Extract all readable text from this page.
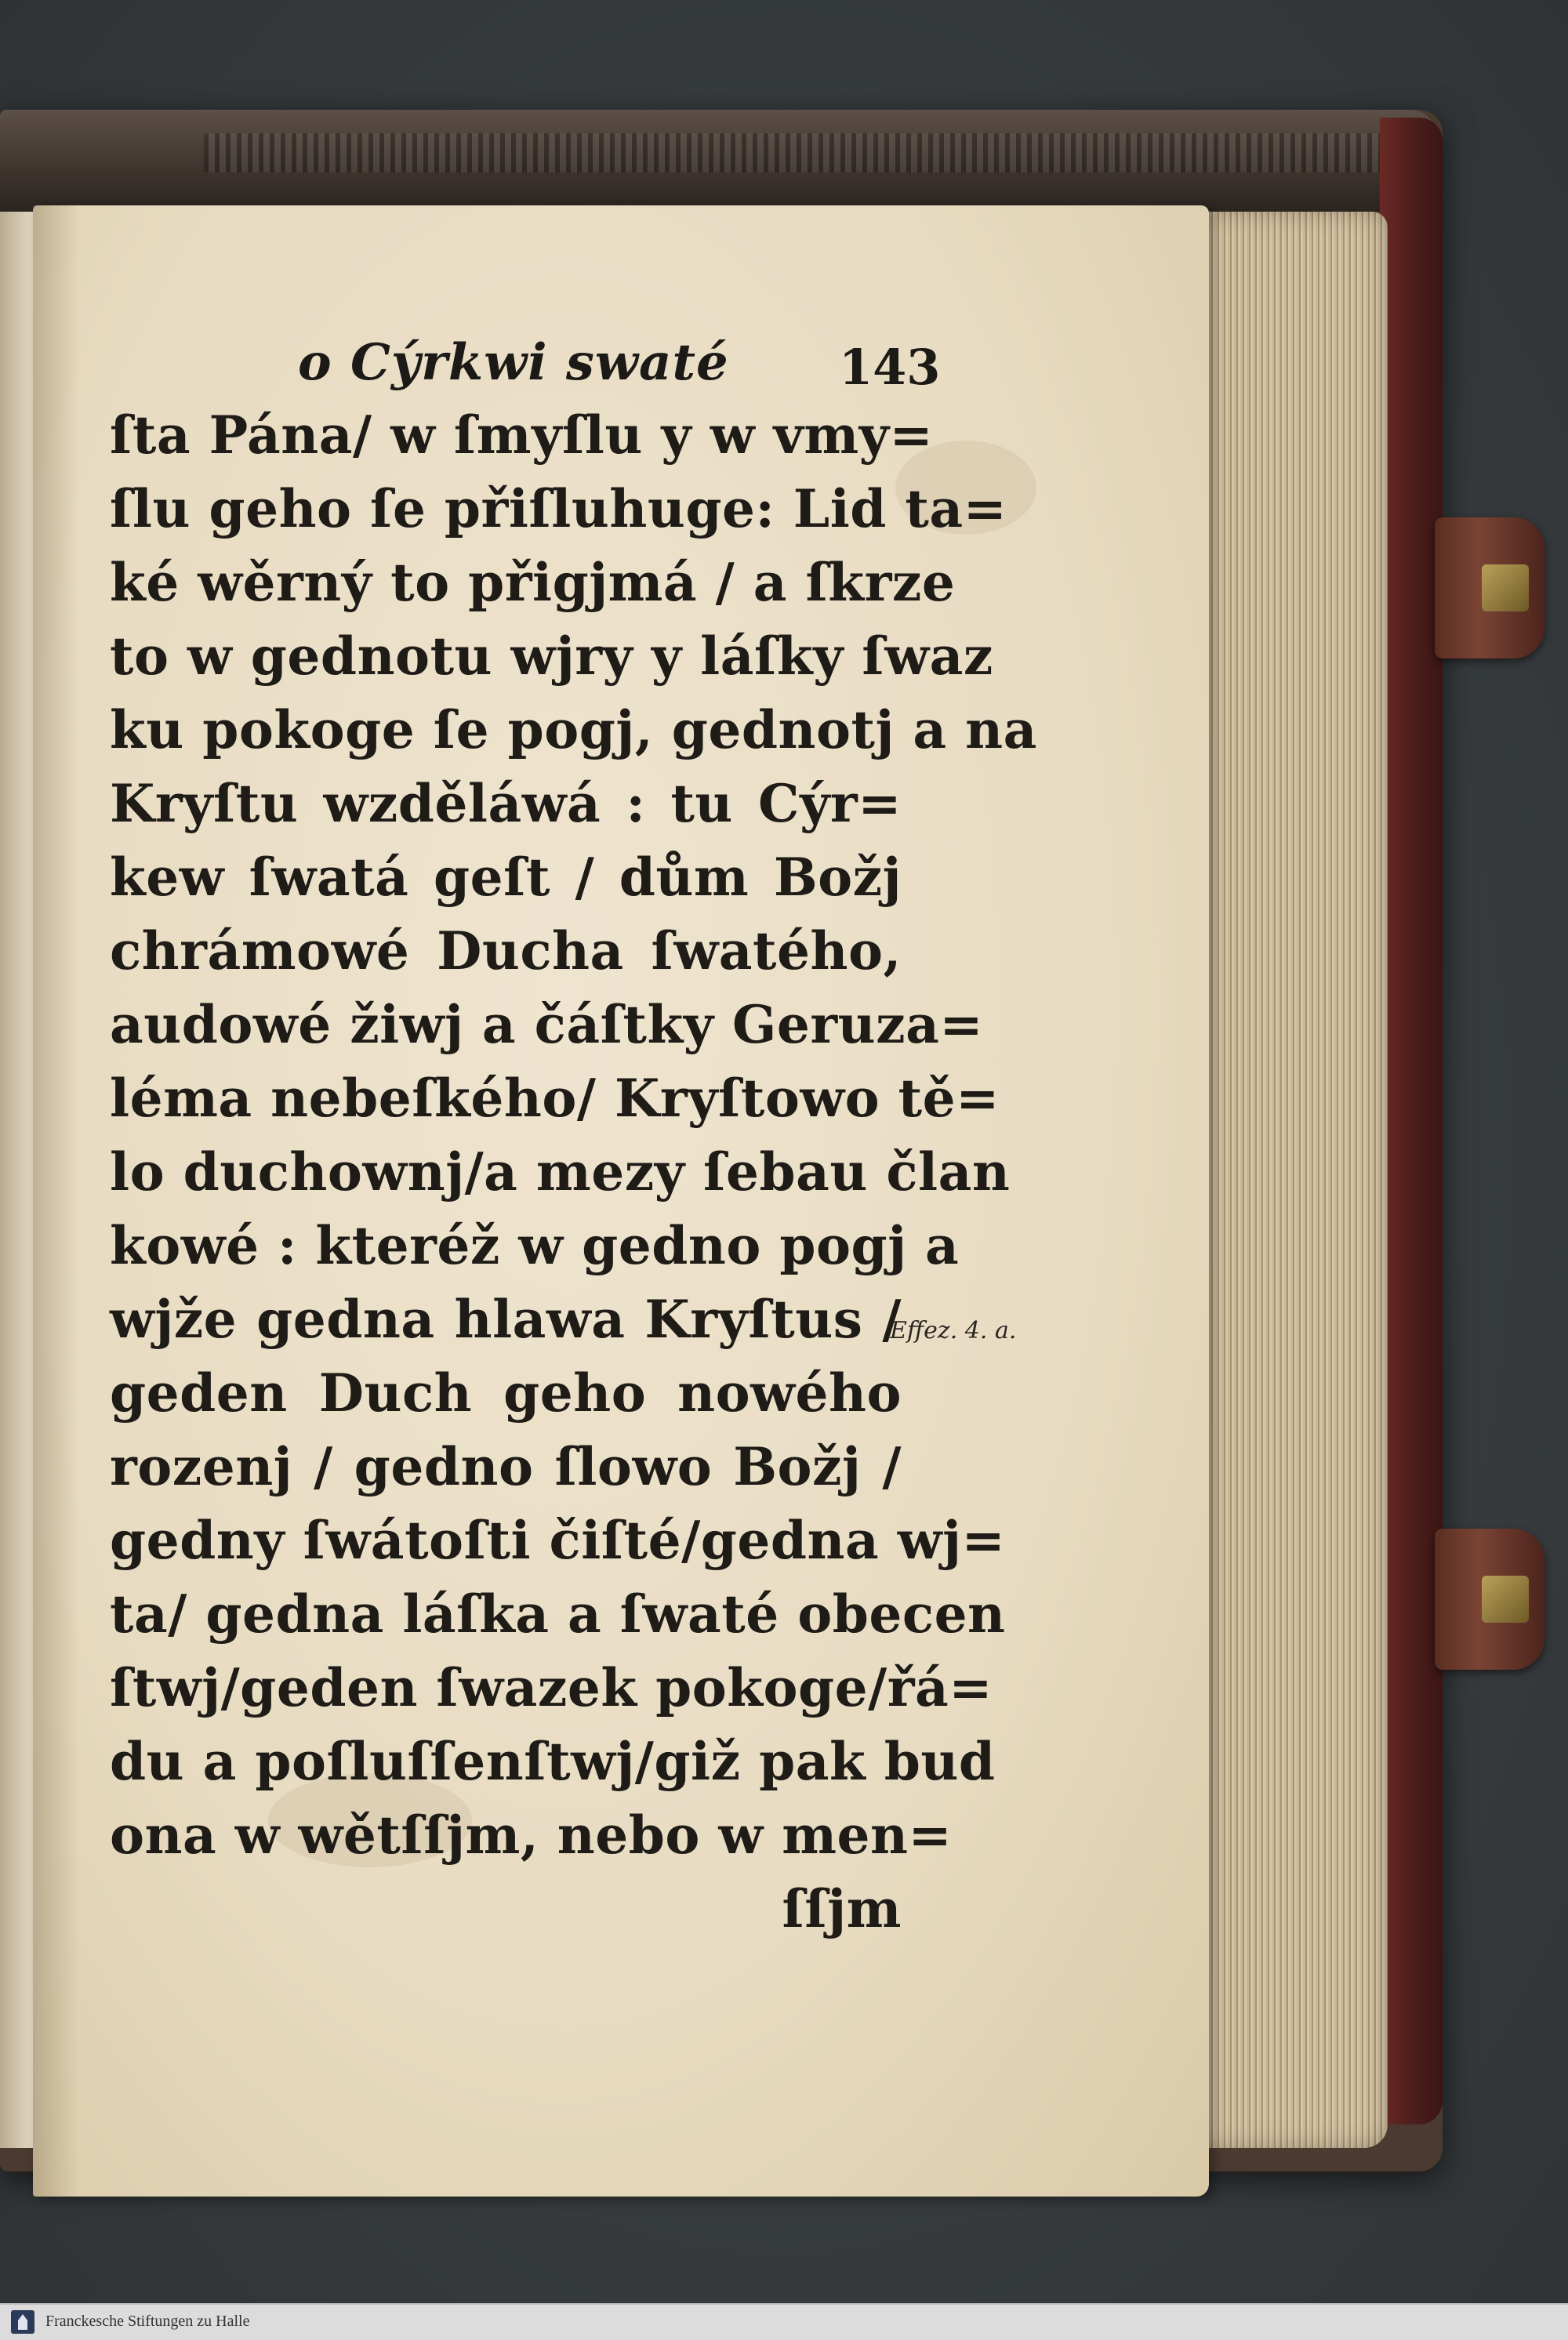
o Cýrkwi swaté 143
ſta Pána/ w ſmyſlu y w vmy=
ſlu geho ſe přiſluhuge: Lid ta=
ké wěrný to přigjmá / a ſkrze
to w gednotu wjry y láſky ſwaz
ku pokoge ſe pogj, gednotj a na
Kryſtu wzděláwá : tu Cýr=
kew ſwatá geſt / dům Božj
chrámowé Ducha ſwatého,
audowé žiwj a čáſtky Geruza=
léma nebeſkého/ Kryſtowo tě=
lo duchownj/a mezy ſebau član
kowé : kteréž w gedno pogj a
wjže gedna hlawa Kryſtus /
geden Duch geho nowého
rozenj / gedno ſlowo Božj /
gedny ſwátoſti čiſté/gedna wj=
ta/ gedna láſka a ſwaté obecen
ſtwj/geden ſwazek pokoge/řá=
du a poſluſſenſtwj/giž pak bud
ona w wětſſjm, nebo w men=
ſſjm
Effez. 4. a.
Franckesche Stiftungen zu Halle
